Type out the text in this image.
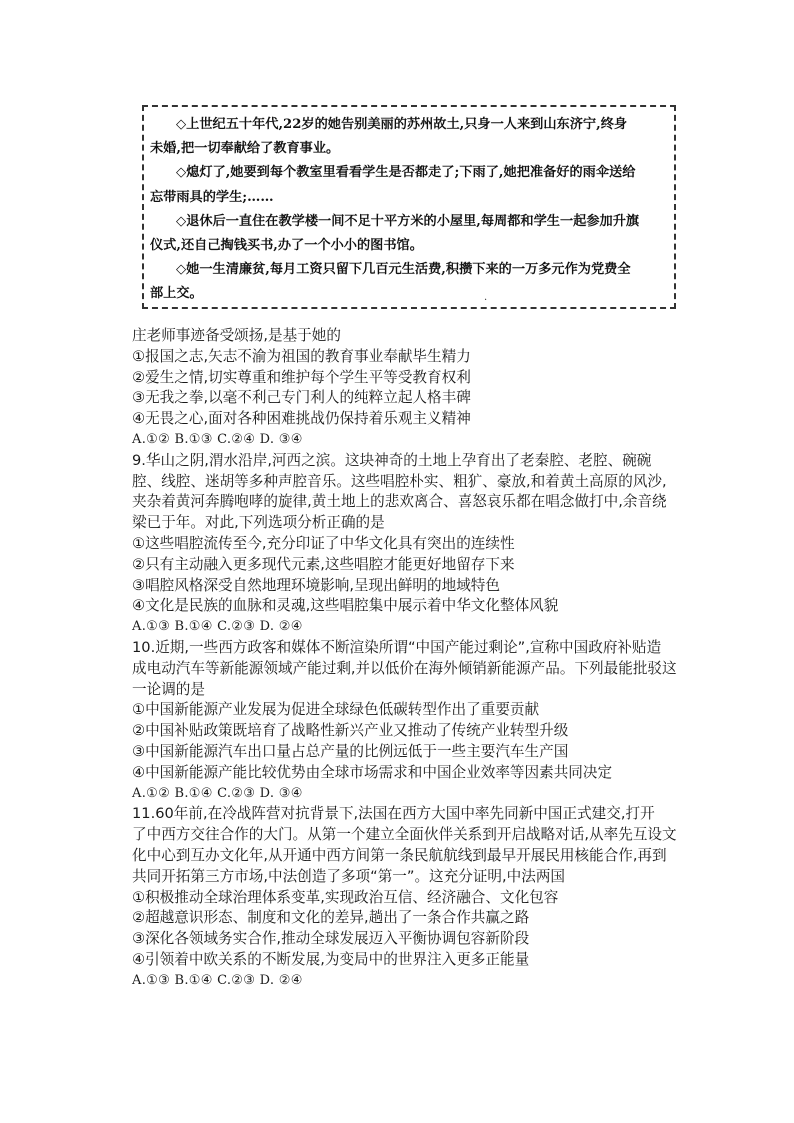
◇上世纪五十年代,22岁的她告别美丽的苏州故土,只身一人来到山东济宁,终身
未婚,把一切奉献给了教育事业。
◇熄灯了,她要到每个教室里看看学生是否都走了;下雨了,她把准备好的雨伞送给
忘带雨具的学生;……
◇退休后一直住在教学楼一间不足十平方米的小屋里,每周都和学生一起参加升旗
仪式,还自己掏钱买书,办了一个小小的图书馆。
◇她一生清廉贫,每月工资只留下几百元生活费,积攒下来的一万多元作为党费全
部上交。	.
庄老师事迹备受颂扬,是基于她的
①报国之志,矢志不渝为祖国的教育事业奉献毕生精力
②爱生之情,切实尊重和维护每个学生平等受教育权利
③无我之拳,以毫不利己专门利人的纯粹立起人格丰碑
④无畏之心,面对各种困难挑战仍保持着乐观主义精神
A.①② B.①③ C.②④ D. ③④
9.华山之阴,渭水沿岸,河西之滨。这块神奇的土地上孕育出了老秦腔、老腔、碗碗
腔、线腔、迷胡等多种声腔音乐。这些唱腔朴实、粗犷、豪放,和着黄土高原的风沙,
夹杂着黄河奔腾咆哮的旋律,黄土地上的悲欢离合、喜怒哀乐都在唱念做打中,余音绕
梁已于年。对此,下列选项分析正确的是
①这些唱腔流传至今,充分印证了中华文化具有突出的连续性
②只有主动融入更多现代元素,这些唱腔才能更好地留存下来
③唱腔风格深受自然地理环境影响,呈现出鲜明的地域特色
④文化是民族的血脉和灵魂,这些唱腔集中展示着中华文化整体风貌
A.①③ B.①④ C.②③ D. ②④
10.近期,一些西方政客和媒体不断渲染所谓“中国产能过剩论”,宣称中国政府补贴造
成电动汽车等新能源领域产能过剩,并以低价在海外倾销新能源产品。下列最能批驳这
一论调的是
①中国新能源产业发展为促进全球绿色低碳转型作出了重要贡献
②中国补贴政策既培育了战略性新兴产业又推动了传统产业转型升级
③中国新能源汽车出口量占总产量的比例远低于一些主要汽车生产国
④中国新能源产能比较优势由全球市场需求和中国企业效率等因素共同决定
A.①② B.①④ C.②③ D. ③④
11.60年前,在冷战阵营对抗背景下,法国在西方大国中率先同新中国正式建交,打开
了中西方交往合作的大门。从第一个建立全面伙伴关系到开启战略对话,从率先互设文
化中心到互办文化年,从开通中西方间第一条民航航线到最早开展民用核能合作,再到
共同开拓第三方市场,中法创造了多项“第一”。这充分证明,中法两国
①积极推动全球治理体系变革,实现政治互信、经济融合、文化包容
②超越意识形态、制度和文化的差异,趟出了一条合作共赢之路
③深化各领域务实合作,推动全球发展迈入平衡协调包容新阶段
④引领着中欧关系的不断发展,为变局中的世界注入更多正能量
A.①③ B.①④ C.②③ D. ②④
